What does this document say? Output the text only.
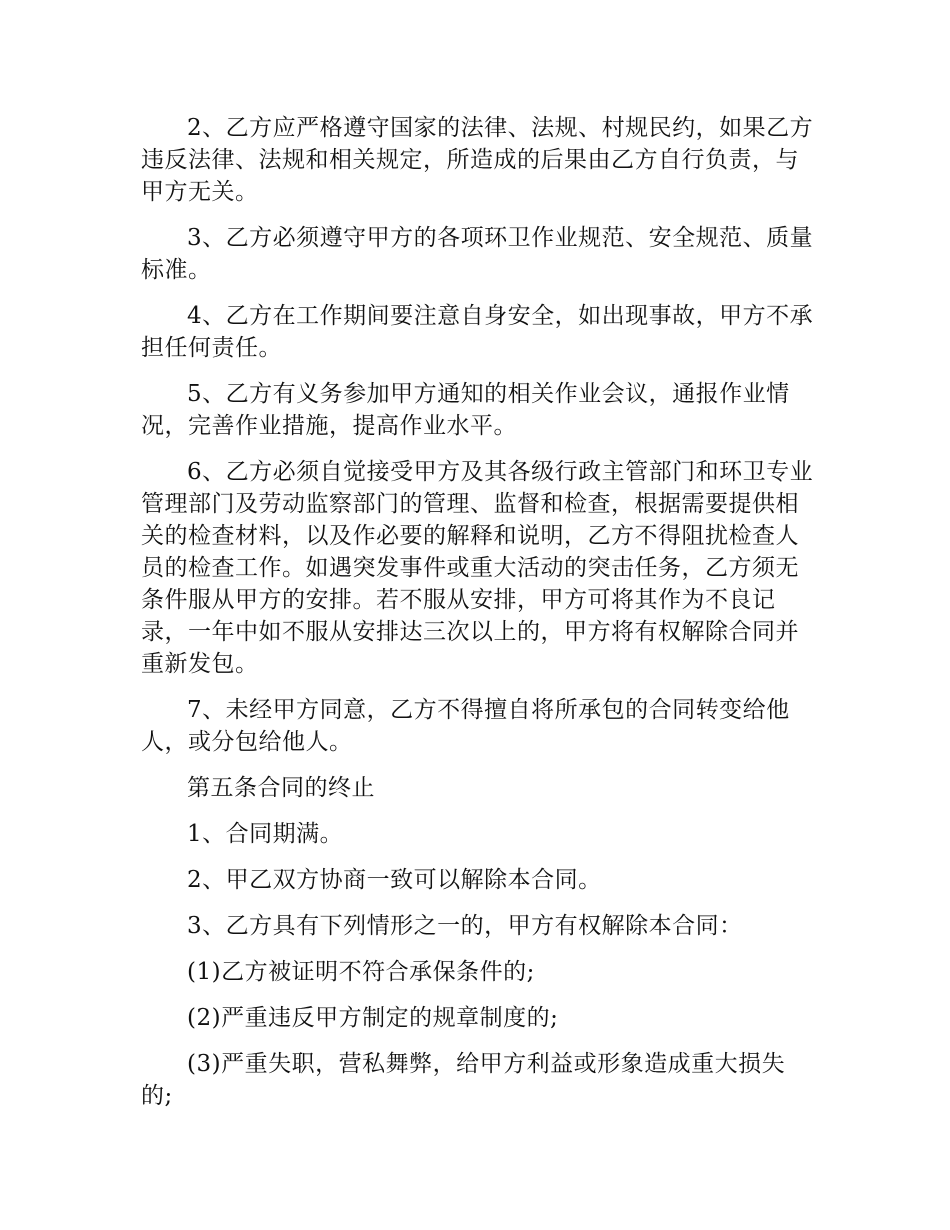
2、乙方应严格遵守国家的法律、法规、村规民约，如果乙方违反法律、法规和相关规定，所造成的后果由乙方自行负责，与甲方无关。

3、乙方必须遵守甲方的各项环卫作业规范、安全规范、质量标准。

4、乙方在工作期间要注意自身安全，如出现事故，甲方不承担任何责任。

5、乙方有义务参加甲方通知的相关作业会议，通报作业情况，完善作业措施，提高作业水平。

6、乙方必须自觉接受甲方及其各级行政主管部门和环卫专业管理部门及劳动监察部门的管理、监督和检查，根据需要提供相关的检查材料，以及作必要的解释和说明，乙方不得阻扰检查人员的检查工作。如遇突发事件或重大活动的突击任务，乙方须无条件服从甲方的安排。若不服从安排，甲方可将其作为不良记录，一年中如不服从安排达三次以上的，甲方将有权解除合同并重新发包。

7、未经甲方同意，乙方不得擅自将所承包的合同转变给他人，或分包给他人。

第五条合同的终止

1、合同期满。

2、甲乙双方协商一致可以解除本合同。

3、乙方具有下列情形之一的，甲方有权解除本合同：

(1)乙方被证明不符合承保条件的;

(2)严重违反甲方制定的规章制度的;

(3)严重失职，营私舞弊，给甲方利益或形象造成重大损失的;
